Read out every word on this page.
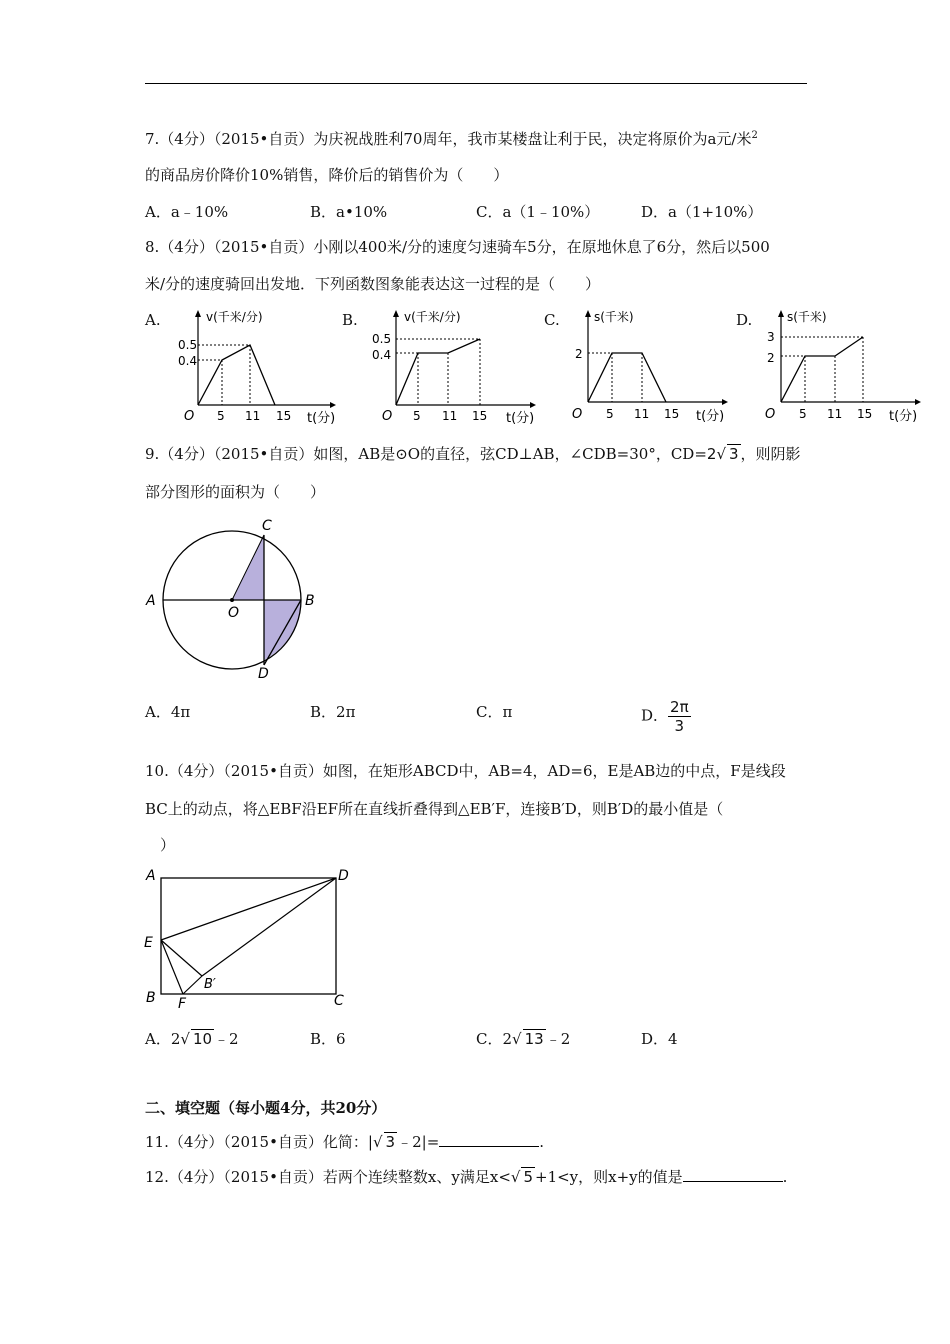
7.（4分）（2015•自贡）为庆祝战胜利70周年，我市某楼盘让利于民，决定将原价为a元/米$^2$
的商品房价降价10%销售，降价后的销售价为（　　）
A．a﹣10%	B．a•10%	C．a（1﹣10%）	D．a（1+10%）
8.（4分）（2015•自贡）小刚以400米/分的速度匀速骑车5分，在原地休息了6分，然后以500
米/分的速度骑回出发地．下列函数图象能表达这一过程的是（　　）
A.	B.	C.	D.
v(千米/分)
0.5
0.4
O 5 11 15 t(分)
v(千米/分)
0.5
0.4
O 5 11 15 t(分)
s(千米)
2
O 5 11 15 t(分)
s(千米)
3
2
O 5 11 15 t(分)
9.（4分）（2015•自贡）如图，AB是⊙O的直径，弦CD⊥AB，∠CDB=30°，CD=2√ 3 ，则阴影
部分图形的面积为（　　）
A	B
C
D
O
A．4π	B．2π	C．π	D． $\frac{2\pi}{3}$
10.（4分）（2015•自贡）如图，在矩形ABCD中，AB=4，AD=6，E是AB边的中点，F是线段
BC上的动点，将△EBF沿EF所在直线折叠得到△EB′F，连接B′D，则B′D的最小值是（
）
A	D
E
B F
B′
C
A．2√ 10 ﹣2	B．6	C．2√ 13 ﹣2	D．4
二、填空题（每小题4分，共20分）
11.（4分）（2015•自贡）化简：|√ 3 ﹣2|=	.
12.（4分）（2015•自贡）若两个连续整数x、y满足x<√ 5 +1<y，则x+y的值是	.
